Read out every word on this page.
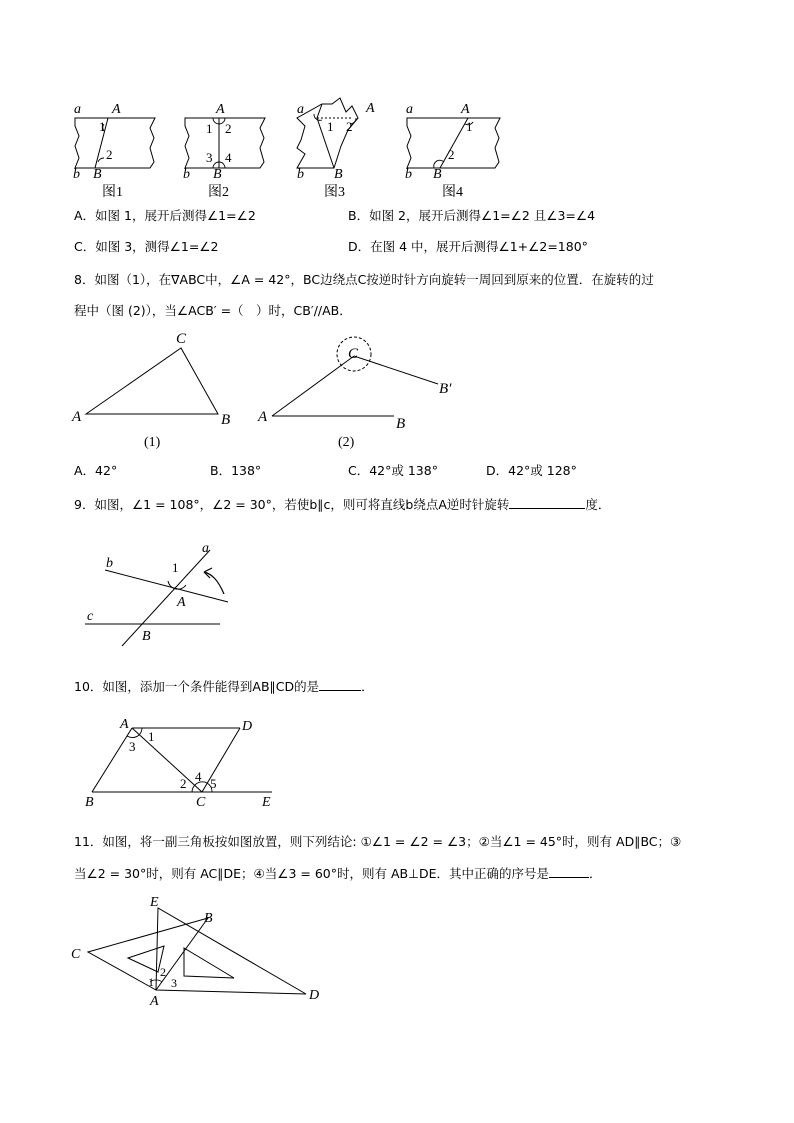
a A
1
2
b B
图1
A
1 2
3 4
b B
图2
a	A
1 2
b B
图3
a	A
1
2
b B
图4
A．如图 1，展开后测得∠1=∠2	B．如图 2，展开后测得∠1=∠2 且∠3=∠4
C．如图 3，测得∠1=∠2	D．在图 4 中，展开后测得∠1+∠2=180°
8．如图（1），在∇ABC中，∠A = 42°，BC边绕点C按逆时针方向旋转一周回到原来的位置．在旋转的过
程中（图 (2)），当∠ACB′ =（　）时，CB′//AB．
C
A	B
(1)
C
A	B
B′
(2)
A．42°	B．138°	C．42°或 138°	D．42°或 128°
9．如图，∠1 = 108°，∠2 = 30°，若使b∥c，则可将直线b绕点A逆时针旋转	度．
a
b	1
A
c
B
10．如图，添加一个条件能得到AB∥CD的是	．
A	D
1
3
2 4 5
B	C	E
11．如图，将一副三角板按如图放置，则下列结论: ①∠1 = ∠2 = ∠3；②当∠1 = 45°时，则有 AD∥BC；③
当∠2 = 30°时，则有 AC∥DE；④当∠3 = 60°时，则有 AB⊥DE．其中正确的序号是	．
E
B
C
2
1 3
A	D
